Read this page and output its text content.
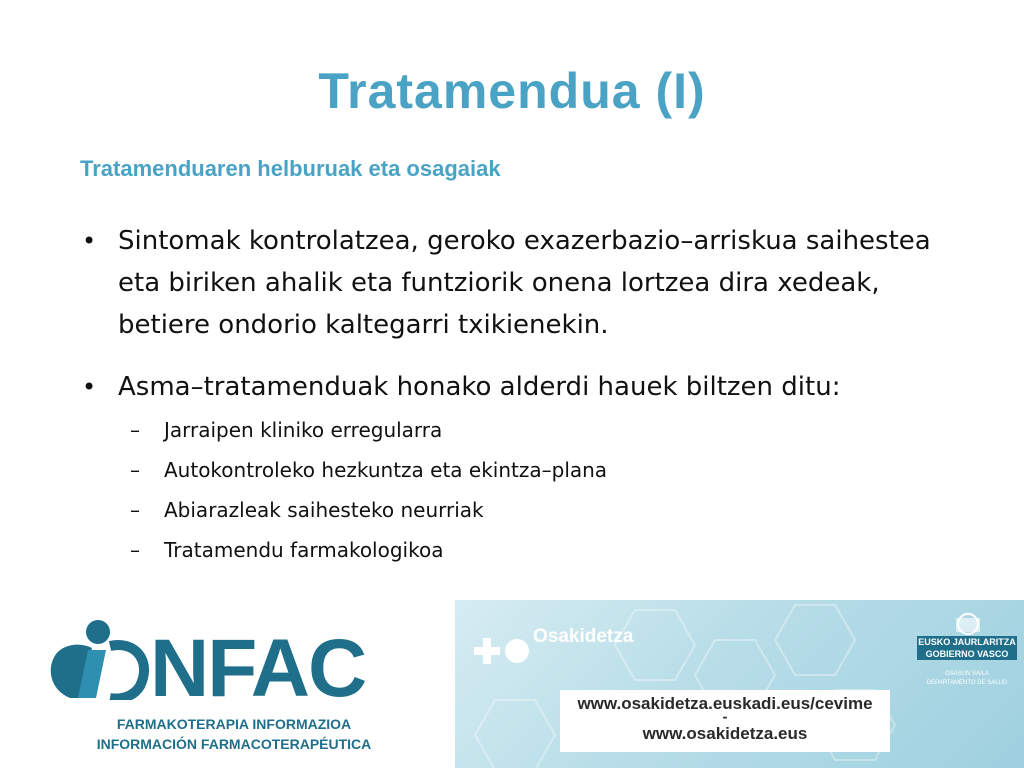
Tratamendua (I)
Tratamenduaren helburuak eta osagaiak
• Sintomak kontrolatzea, geroko exazerbazio–arriskua saihestea eta biriken ahalik eta funtziorik onena lortzea dira xedeak, betiere ondorio kaltegarri txikienekin.
• Asma–tratamenduak honako alderdi hauek biltzen ditu:
– Jarraipen kliniko erregularra
– Autokontroleko hezkuntza eta ekintza–plana
– Abiarazleak saihesteko neurriak
– Tratamendu farmakologikoa
NFAC
FARMAKOTERAPIA INFORMAZIOA
INFORMACIÓN FARMACOTERAPÉUTICA
Osakidetza	EUSKO JAURLARITZA
GOBIERNO VASCO
OSASUN SAILA
DEPARTAMENTO DE SALUD
www.osakidetza.euskadi.eus/cevime
-
www.osakidetza.eus
